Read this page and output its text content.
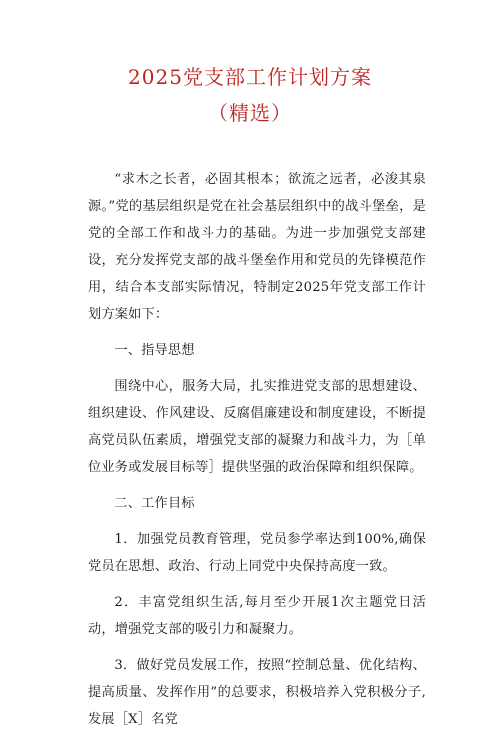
2025党支部工作计划方案
（精选）

“求木之长者，必固其根本；欲流之远者，必浚其泉源。”党的基层组织是党在社会基层组织中的战斗堡垒，是党的全部工作和战斗力的基础。为进一步加强党支部建设，充分发挥党支部的战斗堡垒作用和党员的先锋模范作用，结合本支部实际情况，特制定2025年党支部工作计划方案如下：

一、指导思想

围绕中心，服务大局，扎实推进党支部的思想建设、组织建设、作风建设、反腐倡廉建设和制度建设，不断提高党员队伍素质，增强党支部的凝聚力和战斗力，为［单位业务或发展目标等］提供坚强的政治保障和组织保障。

二、工作目标

1．加强党员教育管理，党员参学率达到100%,确保党员在思想、政治、行动上同党中央保持高度一致。

2．丰富党组织生活,每月至少开展1次主题党日活动，增强党支部的吸引力和凝聚力。

3．做好党员发展工作，按照“控制总量、优化结构、提高质量、发挥作用”的总要求，积极培养入党积极分子,发展［X］名党
